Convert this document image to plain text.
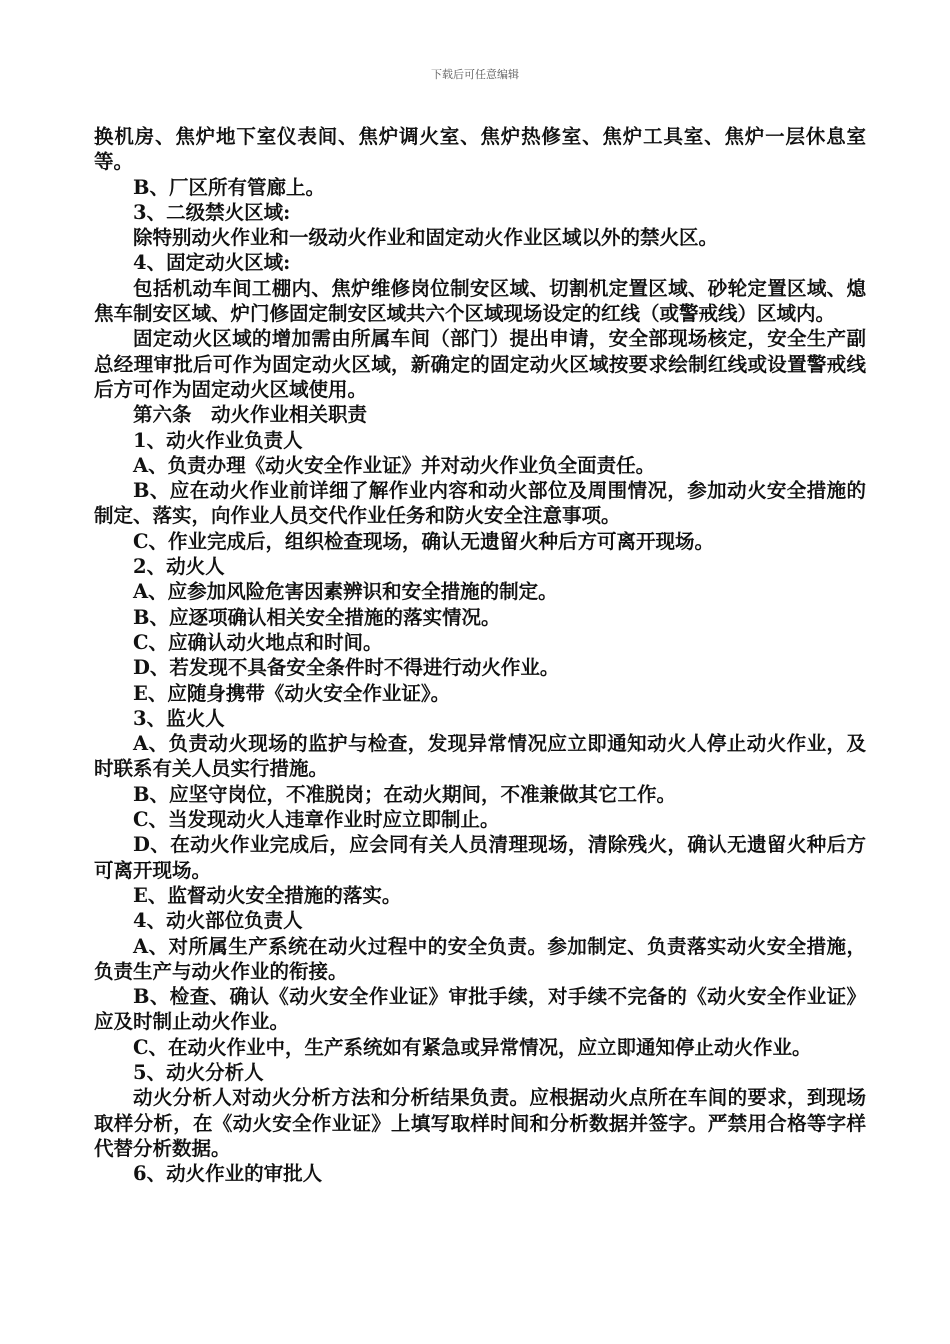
下载后可任意编辑

换机房、焦炉地下室仪表间、焦炉调火室、焦炉热修室、焦炉工具室、焦炉一层休息室等。

B、厂区所有管廊上。

3、二级禁火区域:

除特别动火作业和一级动火作业和固定动火作业区域以外的禁火区。

4、固定动火区域:

包括机动车间工棚内、焦炉维修岗位制安区域、切割机定置区域、砂轮定置区域、熄焦车制安区域、炉门修固定制安区域共六个区域现场设定的红线（或警戒线）区域内。

固定动火区域的增加需由所属车间（部门）提出申请，安全部现场核定，安全生产副总经理审批后可作为固定动火区域，新确定的固定动火区域按要求绘制红线或设置警戒线后方可作为固定动火区域使用。

第六条　动火作业相关职责

1、动火作业负责人

A、负责办理《动火安全作业证》并对动火作业负全面责任。

B、应在动火作业前详细了解作业内容和动火部位及周围情况，参加动火安全措施的制定、落实，向作业人员交代作业任务和防火安全注意事项。

C、作业完成后，组织检查现场，确认无遗留火种后方可离开现场。

2、动火人

A、应参加风险危害因素辨识和安全措施的制定。

B、应逐项确认相关安全措施的落实情况。

C、应确认动火地点和时间。

D、若发现不具备安全条件时不得进行动火作业。

E、应随身携带《动火安全作业证》。

3、监火人

A、负责动火现场的监护与检查，发现异常情况应立即通知动火人停止动火作业，及时联系有关人员实行措施。

B、应坚守岗位，不准脱岗；在动火期间，不准兼做其它工作。

C、当发现动火人违章作业时应立即制止。

D、在动火作业完成后，应会同有关人员清理现场，清除残火，确认无遗留火种后方可离开现场。

E、监督动火安全措施的落实。

4、动火部位负责人

A、对所属生产系统在动火过程中的安全负责。参加制定、负责落实动火安全措施，负责生产与动火作业的衔接。

B、检查、确认《动火安全作业证》审批手续，对手续不完备的《动火安全作业证》应及时制止动火作业。

C、在动火作业中，生产系统如有紧急或异常情况，应立即通知停止动火作业。

5、动火分析人

动火分析人对动火分析方法和分析结果负责。应根据动火点所在车间的要求，到现场取样分析，在《动火安全作业证》上填写取样时间和分析数据并签字。严禁用合格等字样代替分析数据。

6、动火作业的审批人
